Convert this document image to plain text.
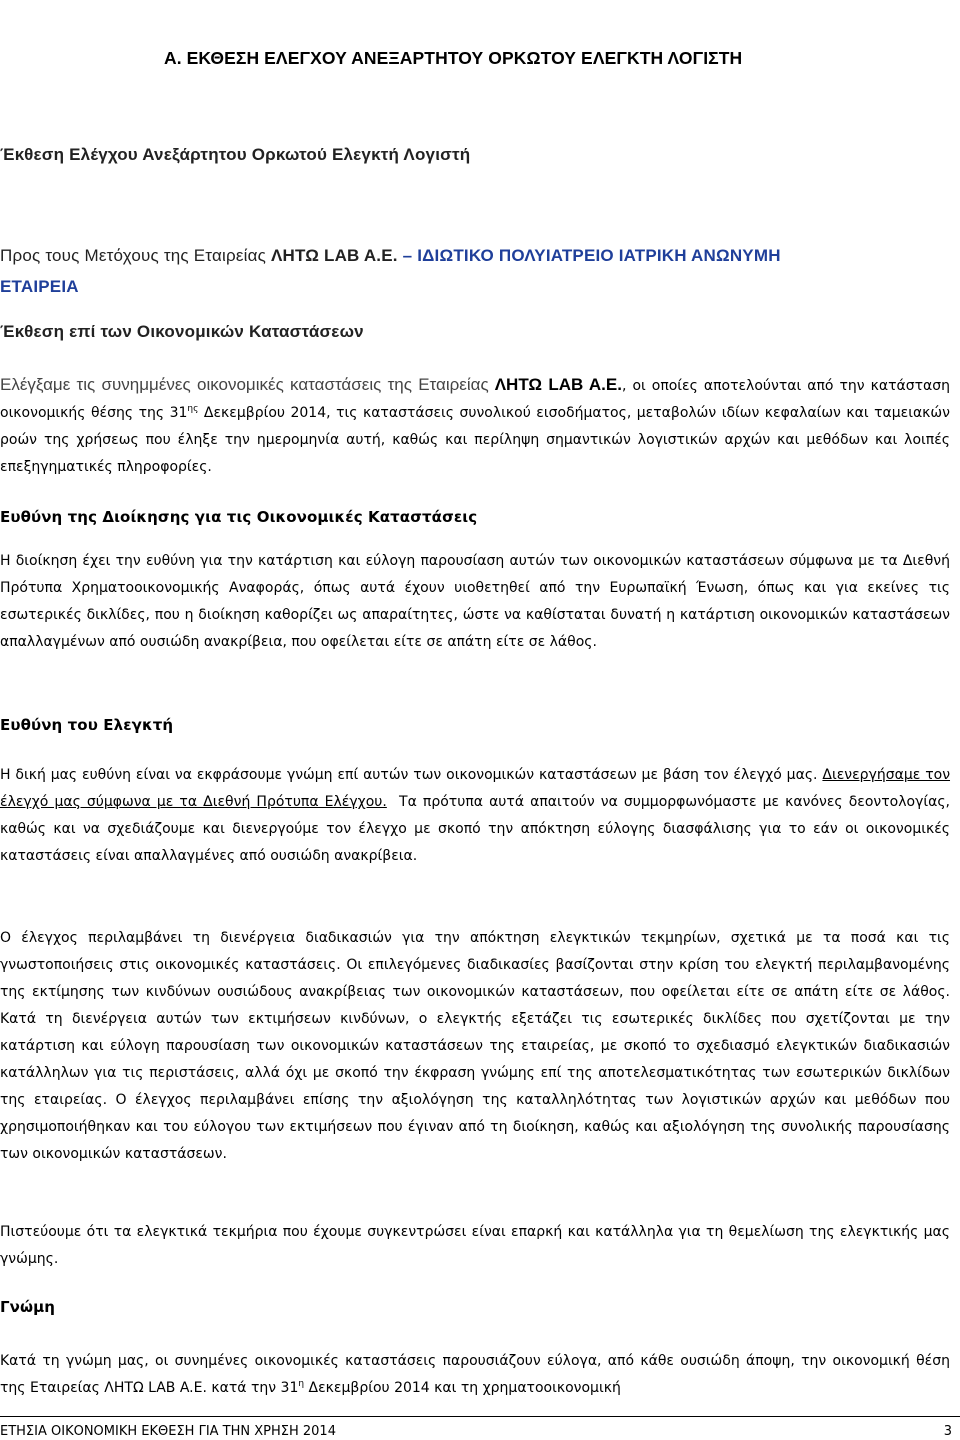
A. ΕΚΘΕΣΗ ΕΛΕΓΧΟΥ ΑΝΕΞΑΡΤΗΤΟΥ ΟΡΚΩΤΟΥ ΕΛΕΓΚΤΗ ΛΟΓΙΣΤΗ
Έκθεση Ελέγχου Ανεξάρτητου Ορκωτού Ελεγκτή Λογιστή
Προς τους Μετόχους της Εταιρείας ΛΗΤΩ LAB A.E. – ΙΔΙΩΤΙΚΟ ΠΟΛΥΙΑΤΡΕΙΟ ΙΑΤΡΙΚΗ ΑΝΩΝΥΜΗ
ΕΤΑΙΡΕΙΑ
Έκθεση επί των Οικονομικών Καταστάσεων
Ελέγξαμε τις συνημμένες οικονομικές καταστάσεις της Εταιρείας ΛΗΤΩ LAB A.E., οι οποίες αποτελούνται από την κατάσταση οικονομικής θέσης της $31^{\eta\varsigma}$ Δεκεμβρίου 2014, τις καταστάσεις συνολικού εισοδήματος, μεταβολών ιδίων κεφαλαίων και ταμειακών ροών της χρήσεως που έληξε την ημερομηνία αυτή, καθώς και περίληψη σημαντικών λογιστικών αρχών και μεθόδων και λοιπές επεξηγηματικές πληροφορίες.
Ευθύνη της Διοίκησης για τις Οικονομικές Καταστάσεις
Η διοίκηση έχει την ευθύνη για την κατάρτιση και εύλογη παρουσίαση αυτών των οικονομικών καταστάσεων σύμφωνα με τα Διεθνή Πρότυπα Χρηματοοικονομικής Αναφοράς, όπως αυτά έχουν υιοθετηθεί από την Ευρωπαϊκή Ένωση, όπως και για εκείνες τις εσωτερικές δικλίδες, που η διοίκηση καθορίζει ως απαραίτητες, ώστε να καθίσταται δυνατή η κατάρτιση οικονομικών καταστάσεων απαλλαγμένων από ουσιώδη ανακρίβεια, που οφείλεται είτε σε απάτη είτε σε λάθος.
Ευθύνη του Ελεγκτή
Η δική μας ευθύνη είναι να εκφράσουμε γνώμη επί αυτών των οικονομικών καταστάσεων με βάση τον έλεγχό μας. Διενεργήσαμε τον έλεγχό μας σύμφωνα με τα Διεθνή Πρότυπα Ελέγχου. Τα πρότυπα αυτά απαιτούν να συμμορφωνόμαστε με κανόνες δεοντολογίας, καθώς και να σχεδιάζουμε και διενεργούμε τον έλεγχο με σκοπό την απόκτηση εύλογης διασφάλισης για το εάν οι οικονομικές καταστάσεις είναι απαλλαγμένες από ουσιώδη ανακρίβεια.
Ο έλεγχος περιλαμβάνει τη διενέργεια διαδικασιών για την απόκτηση ελεγκτικών τεκμηρίων, σχετικά με τα ποσά και τις γνωστοποιήσεις στις οικονομικές καταστάσεις. Οι επιλεγόμενες διαδικασίες βασίζονται στην κρίση του ελεγκτή περιλαμβανομένης της εκτίμησης των κινδύνων ουσιώδους ανακρίβειας των οικονομικών καταστάσεων, που οφείλεται είτε σε απάτη είτε σε λάθος. Κατά τη διενέργεια αυτών των εκτιμήσεων κινδύνων, ο ελεγκτής εξετάζει τις εσωτερικές δικλίδες που σχετίζονται με την κατάρτιση και εύλογη παρουσίαση των οικονομικών καταστάσεων της εταιρείας, με σκοπό το σχεδιασμό ελεγκτικών διαδικασιών κατάλληλων για τις περιστάσεις, αλλά όχι με σκοπό την έκφραση γνώμης επί της αποτελεσματικότητας των εσωτερικών δικλίδων της εταιρείας. Ο έλεγχος περιλαμβάνει επίσης την αξιολόγηση της καταλληλότητας των λογιστικών αρχών και μεθόδων που χρησιμοποιήθηκαν και του εύλογου των εκτιμήσεων που έγιναν από τη διοίκηση, καθώς και αξιολόγηση της συνολικής παρουσίασης των οικονομικών καταστάσεων.
Πιστεύουμε ότι τα ελεγκτικά τεκμήρια που έχουμε συγκεντρώσει είναι επαρκή και κατάλληλα για τη θεμελίωση της ελεγκτικής μας γνώμης.
Γνώμη
Κατά τη γνώμη μας, οι συνημένες οικονομικές καταστάσεις παρουσιάζουν εύλογα, από κάθε ουσιώδη άποψη, την οικονομική θέση της Εταιρείας ΛΗΤΩ LAB A.E. κατά την $31^\eta$ Δεκεμβρίου 2014 και τη χρηματοοικονομική
ΕΤΗΣΙΑ ΟΙΚΟΝΟΜΙΚΗ ΕΚΘΕΣΗ ΓΙΑ ΤΗΝ ΧΡΗΣΗ 2014	3
